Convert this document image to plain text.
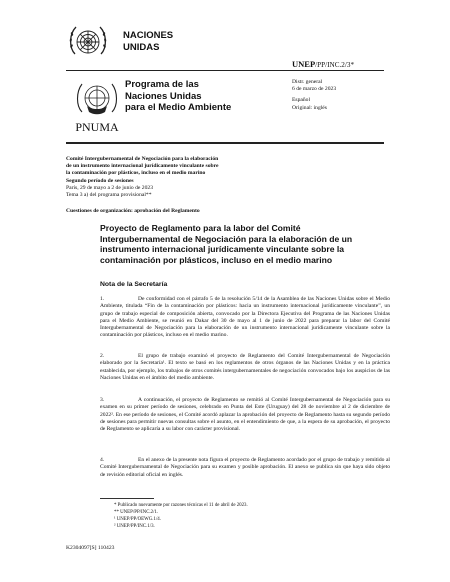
NACIONES
UNIDAS
UNEP/PP/INC.2/3*
PNUMA
Programa de las
Naciones Unidas
para el Medio Ambiente
Distr. general
6 de marzo de 2023
Español
Original: inglés
Comité Intergubernamental de Negociación para la elaboración
de un instrumento internacional jurídicamente vinculante sobre
la contaminación por plásticos, incluso en el medio marino
Segundo período de sesiones
París, 29 de mayo a 2 de junio de 2023
Tema 3 a) del programa provisional**
Cuestiones de organización: aprobación del Reglamento
Proyecto de Reglamento para la labor del Comité
Intergubernamental de Negociación para la elaboración de un
instrumento internacional jurídicamente vinculante sobre la
contaminación por plásticos, incluso en el medio marino
Nota de la Secretaría
1.	De conformidad con el párrafo 5 de la resolución 5/14 de la Asamblea de las Naciones Unidas sobre el Medio Ambiente, titulada “Fin de la contaminación por plásticos: hacia un instrumento internacional jurídicamente vinculante”, un grupo de trabajo especial de composición abierta, convocado por la Directora Ejecutiva del Programa de las Naciones Unidas para el Medio Ambiente, se reunió en Dakar del 30 de mayo al 1 de junio de 2022 para preparar la labor del Comité Intergubernamental de Negociación para la elaboración de un instrumento internacional jurídicamente vinculante sobre la contaminación por plásticos, incluso en el medio marino.
2.	El grupo de trabajo examinó el proyecto de Reglamento del Comité Intergubernamental de Negociación elaborado por la Secretaría¹. El texto se basó en los reglamentos de otros órganos de las Naciones Unidas y en la práctica establecida, por ejemplo, los trabajos de otros comités intergubernamentales de negociación convocados bajo los auspicios de las Naciones Unidas en el ámbito del medio ambiente.
3.	A continuación, el proyecto de Reglamento se remitió al Comité Intergubernamental de Negociación para su examen en su primer período de sesiones, celebrado en Punta del Este (Uruguay) del 28 de noviembre al 2 de diciembre de 2022². En ese período de sesiones, el Comité acordó aplazar la aprobación del proyecto de Reglamento hasta su segundo período de sesiones para permitir nuevas consultas sobre el asunto, en el entendimiento de que, a la espera de su aprobación, el proyecto de Reglamento se aplicaría a su labor con carácter provisional.
4.	En el anexo de la presente nota figura el proyecto de Reglamento acordado por el grupo de trabajo y remitido al Comité Intergubernamental de Negociación para su examen y posible aprobación. El anexo se publica sin que haya sido objeto de revisión editorial oficial en inglés.
* Publicado nuevamente por razones técnicas el 11 de abril de 2023.
** UNEP/PP/INC.2/1.
¹ UNEP/PP/OEWG.1/4.
² UNEP/PP/INC.1/3.
K2304097[S] 110423
